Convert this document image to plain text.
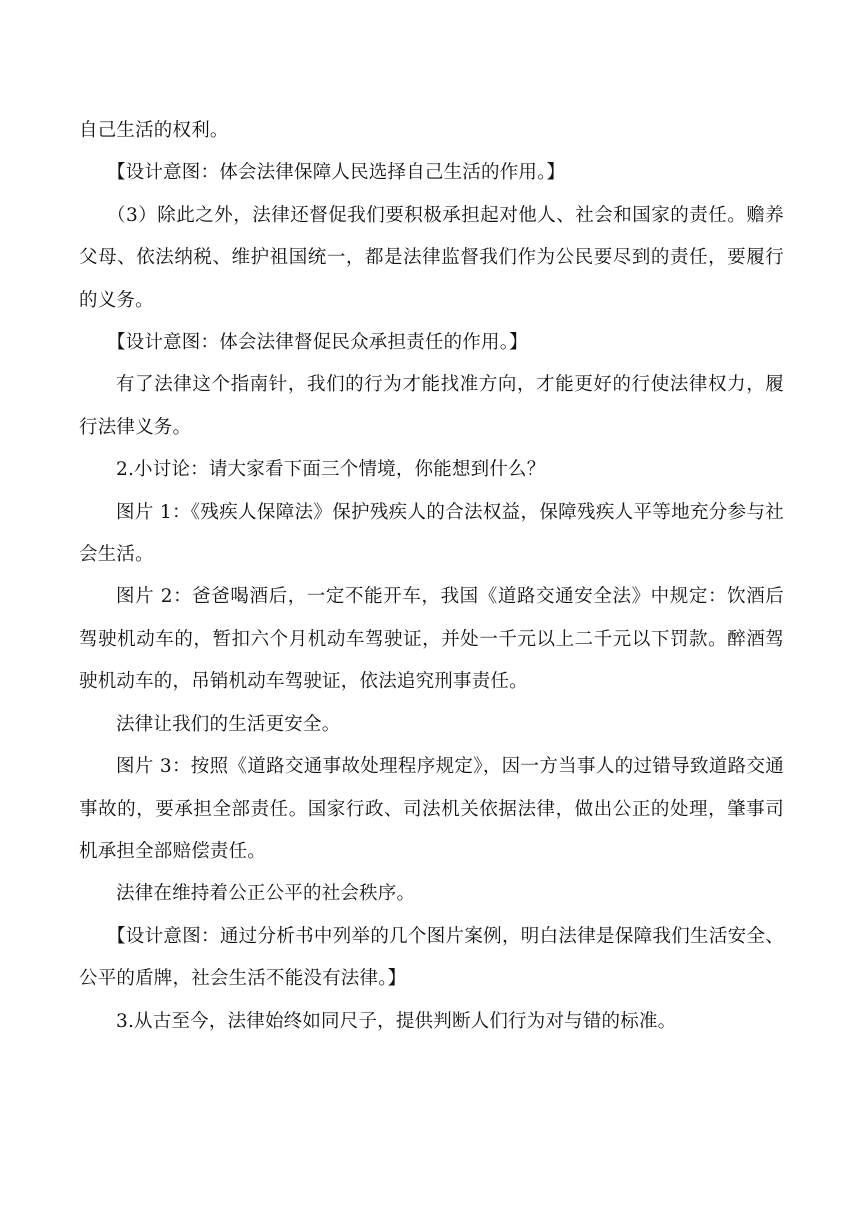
自己生活的权利。

【设计意图：体会法律保障人民选择自己生活的作用。】

（3）除此之外，法律还督促我们要积极承担起对他人、社会和国家的责任。赡养父母、依法纳税、维护祖国统一，都是法律监督我们作为公民要尽到的责任，要履行的义务。

【设计意图：体会法律督促民众承担责任的作用。】

有了法律这个指南针，我们的行为才能找准方向，才能更好的行使法律权力，履行法律义务。

2.小讨论：请大家看下面三个情境，你能想到什么？

图片 1：《残疾人保障法》保护残疾人的合法权益，保障残疾人平等地充分参与社会生活。

图片 2：爸爸喝酒后，一定不能开车，我国《道路交通安全法》中规定：饮酒后驾驶机动车的，暂扣六个月机动车驾驶证，并处一千元以上二千元以下罚款。醉酒驾驶机动车的，吊销机动车驾驶证，依法追究刑事责任。

法律让我们的生活更安全。

图片 3：按照《道路交通事故处理程序规定》，因一方当事人的过错导致道路交通事故的，要承担全部责任。国家行政、司法机关依据法律，做出公正的处理，肇事司机承担全部赔偿责任。

法律在维持着公正公平的社会秩序。

【设计意图：通过分析书中列举的几个图片案例，明白法律是保障我们生活安全、公平的盾牌，社会生活不能没有法律。】

3.从古至今，法律始终如同尺子，提供判断人们行为对与错的标准。
